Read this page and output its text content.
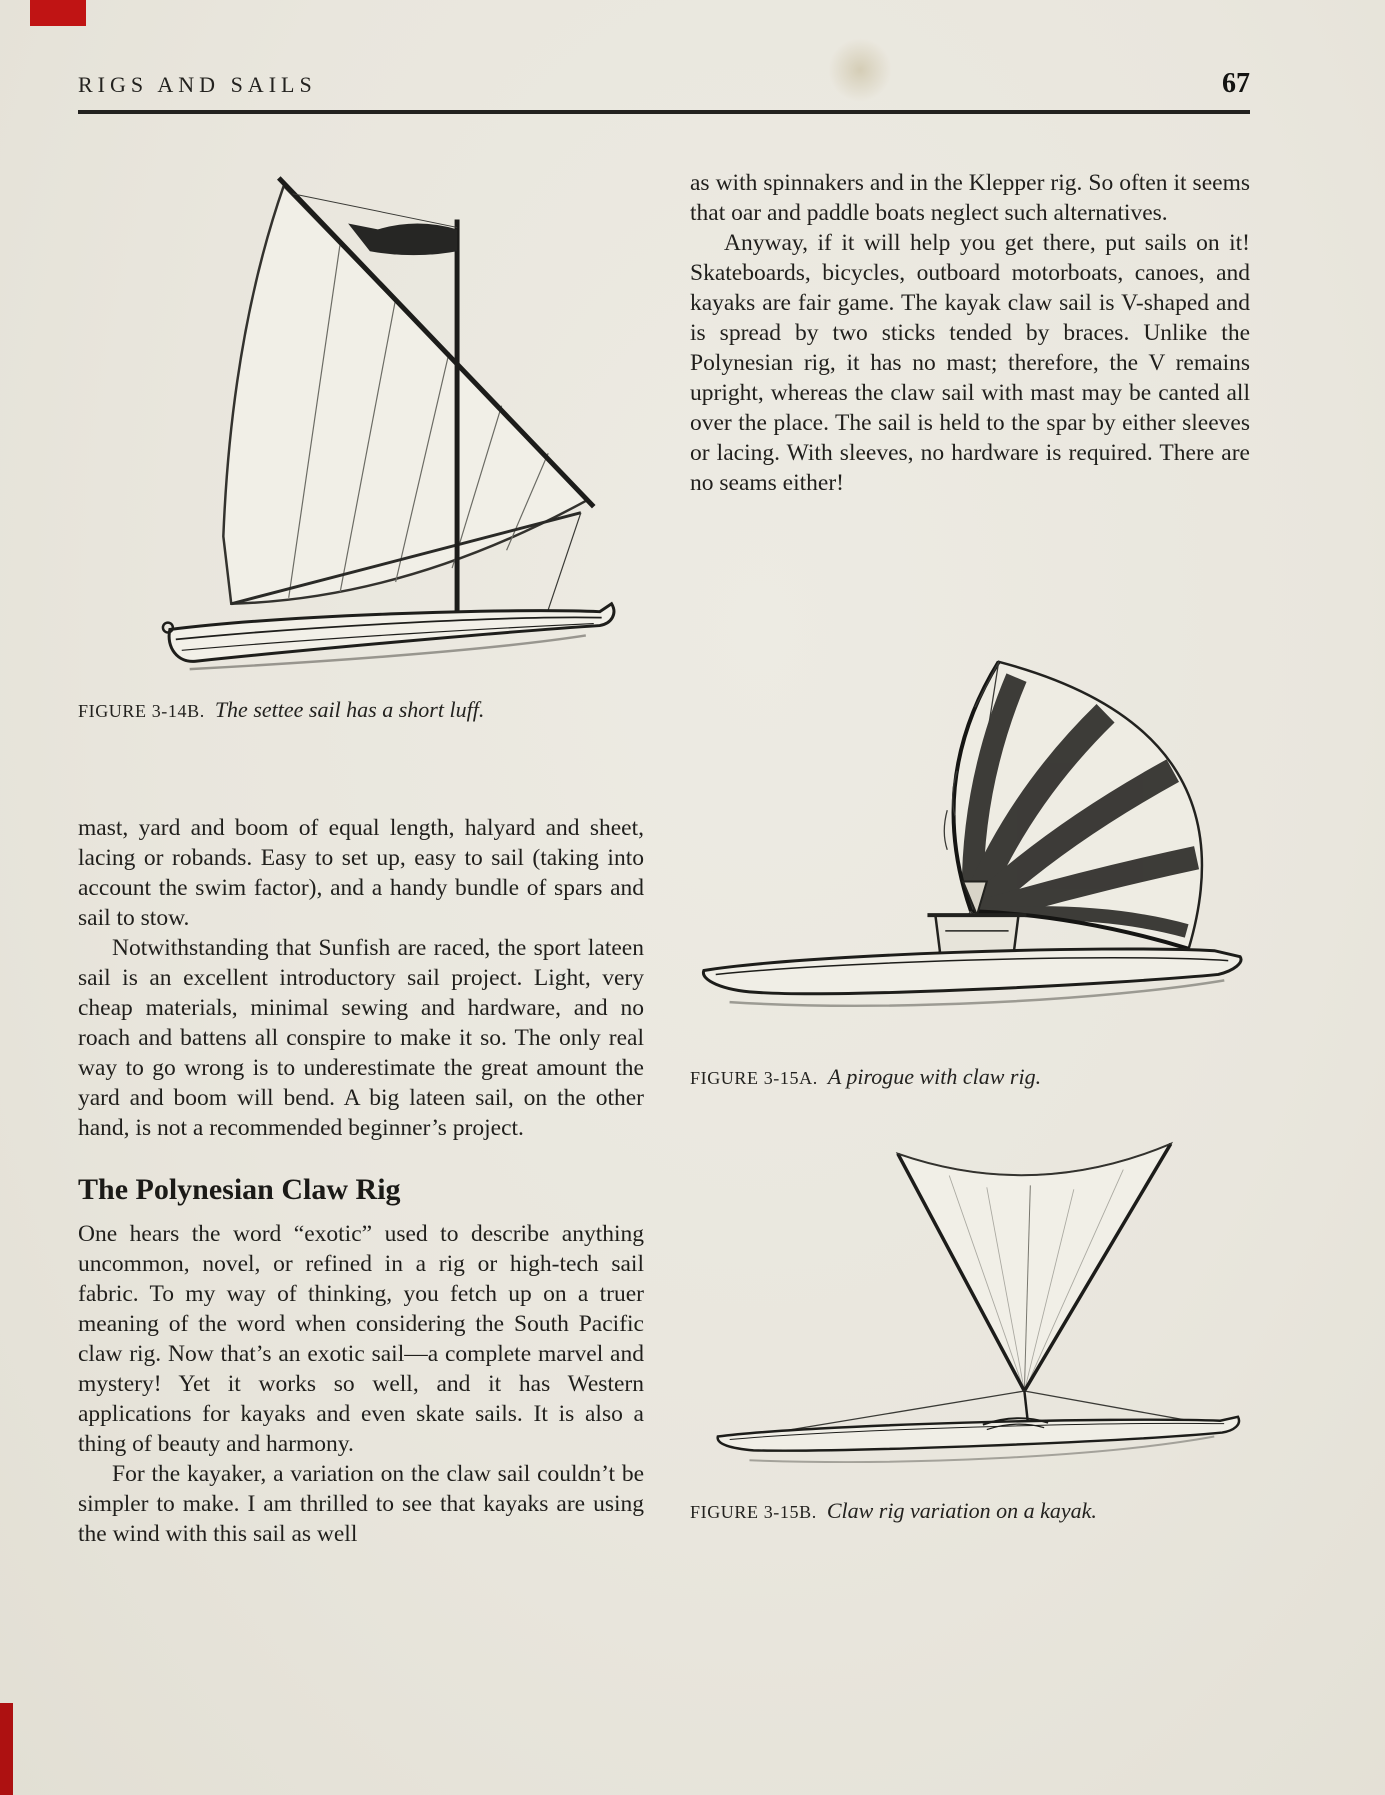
RIGS AND SAILS	67
FIGURE 3-14B. The settee sail has a short luff.

mast, yard and boom of equal length, halyard and sheet, lacing or robands. Easy to set up, easy to sail (taking into account the swim factor), and a handy bundle of spars and sail to stow.

Notwithstanding that Sunfish are raced, the sport lateen sail is an excellent introductory sail project. Light, very cheap materials, minimal sewing and hardware, and no roach and battens all conspire to make it so. The only real way to go wrong is to underestimate the great amount the yard and boom will bend. A big lateen sail, on the other hand, is not a recommended beginner’s project.

The Polynesian Claw Rig

One hears the word “exotic” used to describe anything uncommon, novel, or refined in a rig or high-tech sail fabric. To my way of thinking, you fetch up on a truer meaning of the word when considering the South Pacific claw rig. Now that’s an exotic sail—a complete marvel and mystery! Yet it works so well, and it has Western applications for kayaks and even skate sails. It is also a thing of beauty and harmony.

For the kayaker, a variation on the claw sail couldn’t be simpler to make. I am thrilled to see that kayaks are using the wind with this sail as well

as with spinnakers and in the Klepper rig. So often it seems that oar and paddle boats neglect such alternatives.

Anyway, if it will help you get there, put sails on it! Skateboards, bicycles, outboard motorboats, canoes, and kayaks are fair game. The kayak claw sail is V-shaped and is spread by two sticks tended by braces. Unlike the Polynesian rig, it has no mast; therefore, the V remains upright, whereas the claw sail with mast may be canted all over the place. The sail is held to the spar by either sleeves or lacing. With sleeves, no hardware is required. There are no seams either!

FIGURE 3-15A. A pirogue with claw rig.
FIGURE 3-15B. Claw rig variation on a kayak.
